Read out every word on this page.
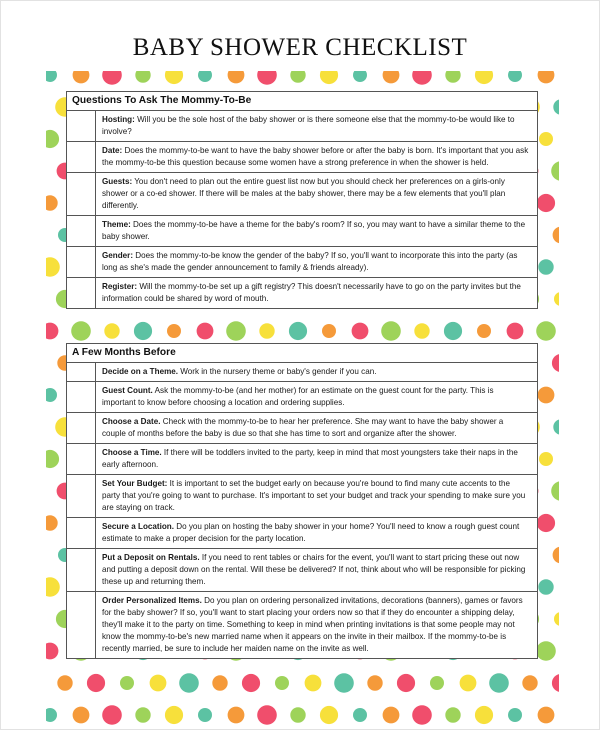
BABY SHOWER CHECKLIST
Questions To Ask The Mommy-To-Be
Hosting: Will you be the sole host of the baby shower or is there someone else that the mommy-to-be would like to involve?
Date: Does the mommy-to-be want to have the baby shower before or after the baby is born. It's important that you ask the mommy-to-be this question because some women have a strong preference in when the shower is held.
Guests: You don't need to plan out the entire guest list now but you should check her preferences on a girls-only shower or a co-ed shower. If there will be males at the baby shower, there may be a few elements that you'll plan differently.
Theme: Does the mommy-to-be have a theme for the baby's room? If so, you may want to have a similar theme to the baby shower.
Gender: Does the mommy-to-be know the gender of the baby? If so, you'll want to incorporate this into the party (as long as she's made the gender announcement to family & friends already).
Register: Will the mommy-to-be set up a gift registry? This doesn't necessarily have to go on the party invites but the information could be shared by word of mouth.
A Few Months Before
Decide on a Theme. Work in the nursery theme or baby's gender if you can.
Guest Count. Ask the mommy-to-be (and her mother) for an estimate on the guest count for the party. This is important to know before choosing a location and ordering supplies.
Choose a Date. Check with the mommy-to-be to hear her preference. She may want to have the baby shower a couple of months before the baby is due so that she has time to sort and organize after the shower.
Choose a Time. If there will be toddlers invited to the party, keep in mind that most youngsters take their naps in the early afternoon.
Set Your Budget: It is important to set the budget early on because you're bound to find many cute accents to the party that you're going to want to purchase. It's important to set your budget and track your spending to make sure you are staying on track.
Secure a Location. Do you plan on hosting the baby shower in your home? You'll need to know a rough guest count estimate to make a proper decision for the party location.
Put a Deposit on Rentals. If you need to rent tables or chairs for the event, you'll want to start pricing these out now and putting a deposit down on the rental. Will these be delivered? If not, think about who will be responsible for picking these up and returning them.
Order Personalized Items. Do you plan on ordering personalized invitations, decorations (banners), games or favors for the baby shower? If so, you'll want to start placing your orders now so that if they do encounter a shipping delay, they'll make it to the party on time. Something to keep in mind when printing invitations is that some people may not know the mommy-to-be's new married name when it appears on the invite in their mailbox. If the mommy-to-be is recently married, be sure to include her maiden name on the invite as well.
